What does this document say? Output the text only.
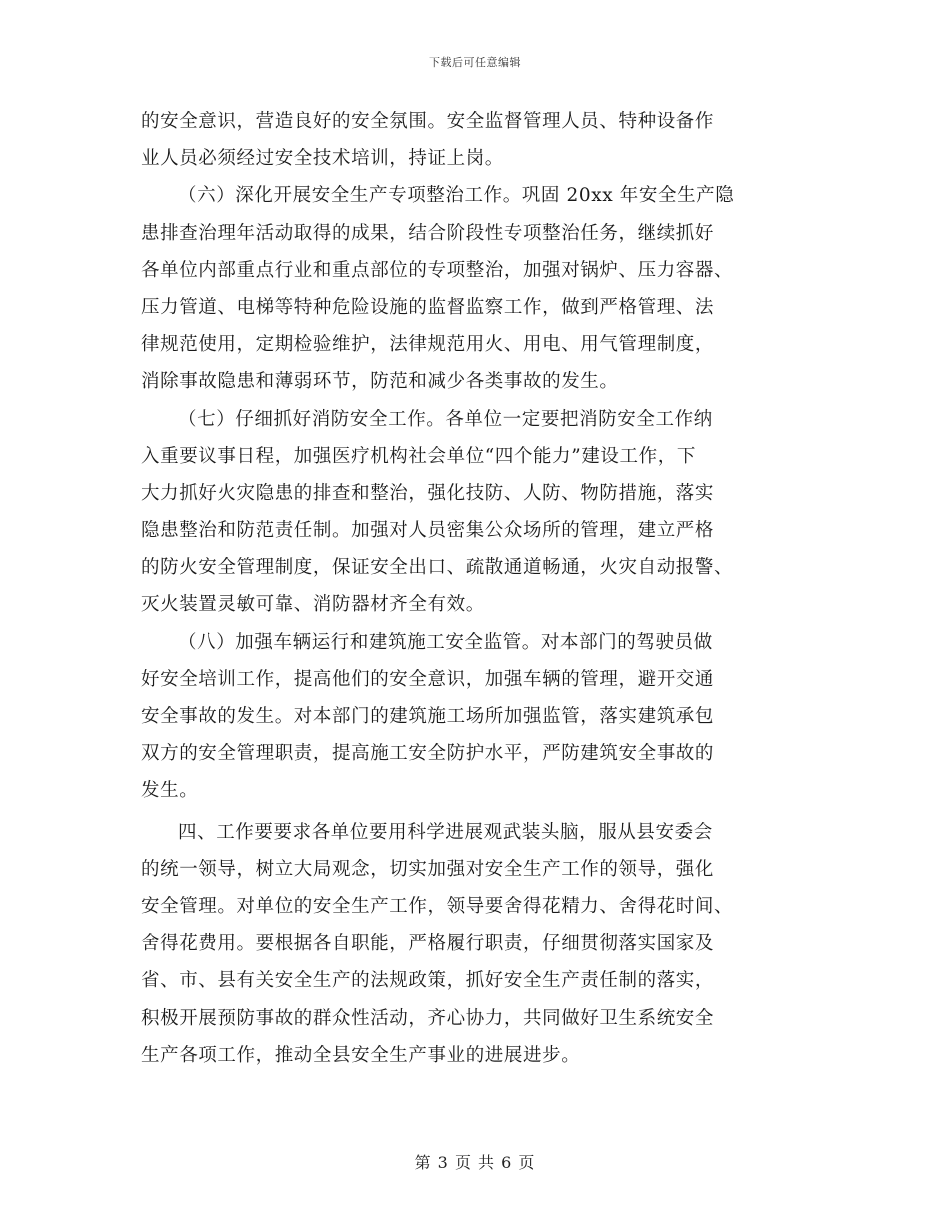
下载后可任意编辑
的安全意识，营造良好的安全氛围。安全监督管理人员、特种设备作
业人员必须经过安全技术培训，持证上岗。
（六）深化开展安全生产专项整治工作。巩固 20xx 年安全生产隐
患排查治理年活动取得的成果，结合阶段性专项整治任务，继续抓好
各单位内部重点行业和重点部位的专项整治，加强对锅炉、压力容器、
压力管道、电梯等特种危险设施的监督监察工作，做到严格管理、法
律规范使用，定期检验维护，法律规范用火、用电、用气管理制度，
消除事故隐患和薄弱环节，防范和减少各类事故的发生。
（七）仔细抓好消防安全工作。各单位一定要把消防安全工作纳
入重要议事日程，加强医疗机构社会单位“四个能力”建设工作，下
大力抓好火灾隐患的排查和整治，强化技防、人防、物防措施，落实
隐患整治和防范责任制。加强对人员密集公众场所的管理，建立严格
的防火安全管理制度，保证安全出口、疏散通道畅通，火灾自动报警、
灭火装置灵敏可靠、消防器材齐全有效。
（八）加强车辆运行和建筑施工安全监管。对本部门的驾驶员做
好安全培训工作，提高他们的安全意识，加强车辆的管理，避开交通
安全事故的发生。对本部门的建筑施工场所加强监管，落实建筑承包
双方的安全管理职责，提高施工安全防护水平，严防建筑安全事故的
发生。
四、工作要要求各单位要用科学进展观武装头脑，服从县安委会
的统一领导，树立大局观念，切实加强对安全生产工作的领导，强化
安全管理。对单位的安全生产工作，领导要舍得花精力、舍得花时间、
舍得花费用。要根据各自职能，严格履行职责，仔细贯彻落实国家及
省、市、县有关安全生产的法规政策，抓好安全生产责任制的落实，
积极开展预防事故的群众性活动，齐心协力，共同做好卫生系统安全
生产各项工作，推动全县安全生产事业的进展进步。
第 3 页 共 6 页
